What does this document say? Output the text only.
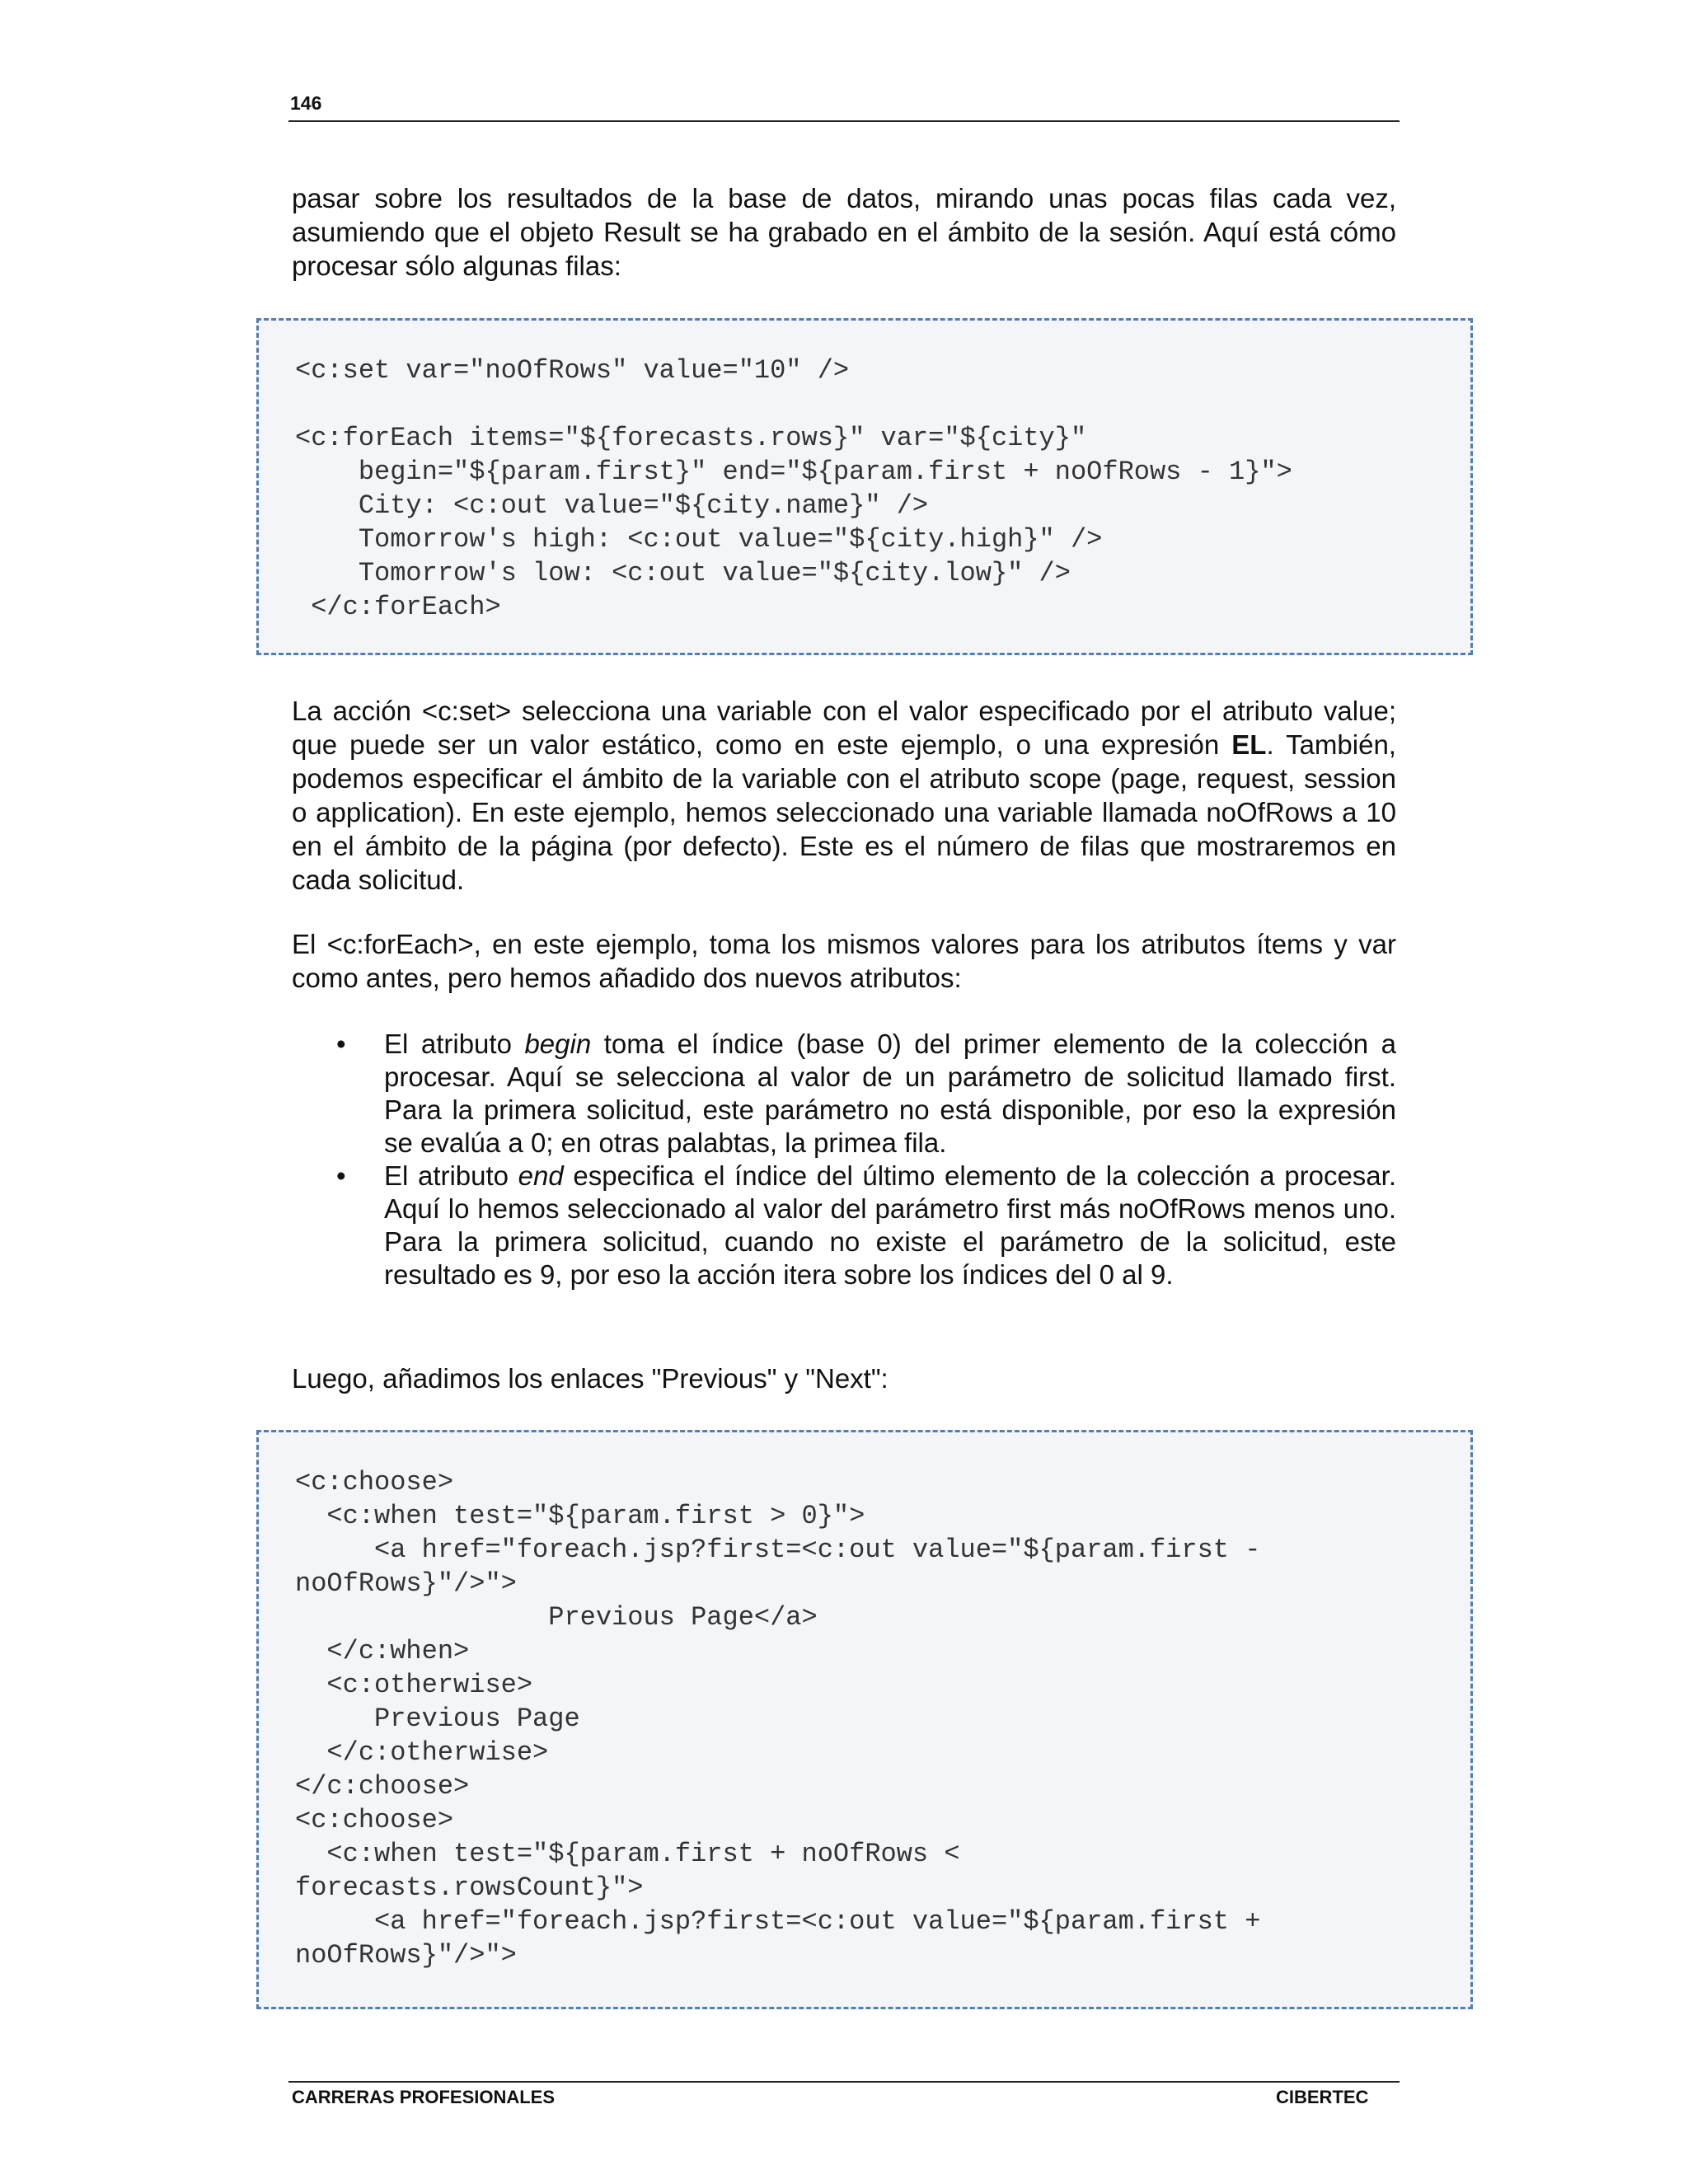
146
pasar sobre los resultados de la base de datos, mirando unas pocas filas cada vez, asumiendo que el objeto Result se ha grabado en el ámbito de la sesión. Aquí está cómo procesar sólo algunas filas:
<c:set var="noOfRows" value="10" />
<c:forEach items="${forecasts.rows}" var="${city}"
begin="${param.first}" end="${param.first + noOfRows - 1}">
City: <c:out value="${city.name}" />
Tomorrow's high: <c:out value="${city.high}" />
Tomorrow's low: <c:out value="${city.low}" />
</c:forEach>
La acción <c:set> selecciona una variable con el valor especificado por el atributo value; que puede ser un valor estático, como en este ejemplo, o una expresión EL. También, podemos especificar el ámbito de la variable con el atributo scope (page, request, session o application). En este ejemplo, hemos seleccionado una variable llamada noOfRows a 10 en el ámbito de la página (por defecto). Este es el número de filas que mostraremos en cada solicitud.
El <c:forEach>, en este ejemplo, toma los mismos valores para los atributos ítems y var como antes, pero hemos añadido dos nuevos atributos:
• El atributo begin toma el índice (base 0) del primer elemento de la colección a procesar. Aquí se selecciona al valor de un parámetro de solicitud llamado first. Para la primera solicitud, este parámetro no está disponible, por eso la expresión se evalúa a 0; en otras palabtas, la primea fila.
• El atributo end especifica el índice del último elemento de la colección a procesar. Aquí lo hemos seleccionado al valor del parámetro first más noOfRows menos uno. Para la primera solicitud, cuando no existe el parámetro de la solicitud, este resultado es 9, por eso la acción itera sobre los índices del 0 al 9.
Luego, añadimos los enlaces "Previous" y "Next":
<c:choose>
<c:when test="${param.first > 0}">
<a href="foreach.jsp?first=<c:out value="${param.first -
noOfRows}"/>">
Previous Page</a>
</c:when>
<c:otherwise>
Previous Page
</c:otherwise>
</c:choose>
<c:choose>
<c:when test="${param.first + noOfRows <
forecasts.rowsCount}">
<a href="foreach.jsp?first=<c:out value="${param.first +
noOfRows}"/>">
CARRERAS PROFESIONALES	CIBERTEC
